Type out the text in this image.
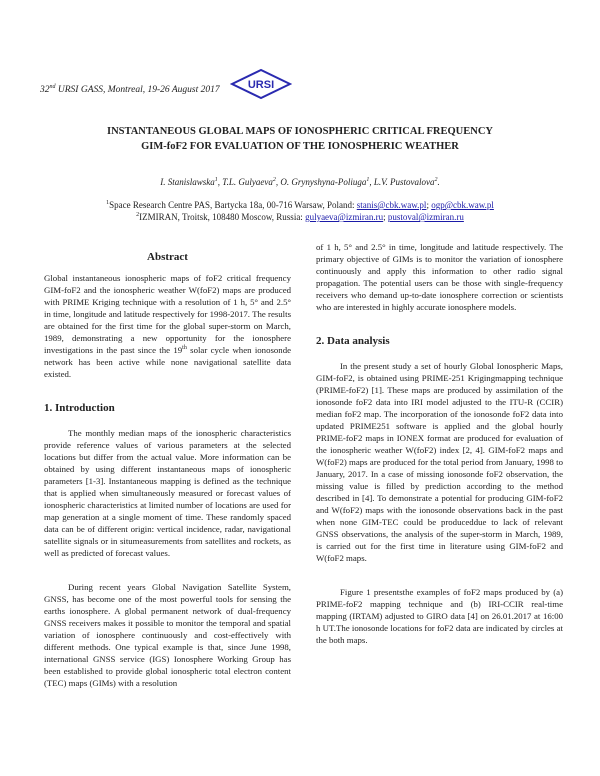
32nd URSI GASS, Montreal, 19-26 August 2017	URSI
INSTANTANEOUS GLOBAL MAPS OF IONOSPHERIC CRITICAL FREQUENCY
GIM-foF2 FOR EVALUATION OF THE IONOSPHERIC WEATHER
I. Stanislawska$^1$, T.L. Gulyaeva$^2$, O. Grynyshyna-Poliuga$^1$, L.V. Pustovalova$^2$.
$^1$Space Research Centre PAS, Bartycka 18a, 00-716 Warsaw, Poland: stanis@cbk.waw.pl; ogp@cbk.waw.pl
$^2$IZMIRAN, Troitsk, 108480 Moscow, Russia: gulyaeva@izmiran.ru; pustoval@izmiran.ru
Abstract

Global instantaneous ionospheric maps of foF2 critical frequency GIM-foF2 and the ionospheric weather W(foF2) maps are produced with PRIME Kriging technique with a resolution of 1 h, 5° and 2.5° in time, longitude and latitude respectively for 1998-2017. The results are obtained for the first time for the global super-storm on March, 1989, demonstrating a new opportunity for the ionosphere investigations in the past since the 19th solar cycle when ionosonde network has been active while none navigational satellite data existed.

1. Introduction

The monthly median maps of the ionospheric characteristics provide reference values of various parameters at the selected locations but differ from the actual value. More information can be obtained by using different instantaneous maps of ionospheric parameters [1-3]. Instantaneous mapping is defined as the technique that is applied when simultaneously measured or forecast values of ionospheric characteristics at limited number of locations are used for map generation at a single moment of time. These randomly spaced data can be of different origin: vertical incidence, radar, navigational satellite signals or in situmeasurements from satellites and rockets, as well as predicted of forecast values.

During recent years Global Navigation Satellite System, GNSS, has become one of the most powerful tools for sensing the earths ionosphere. A global permanent network of dual-frequency GNSS receivers makes it possible to monitor the temporal and spatial variation of ionosphere continuously and cost-effectively with different methods. One typical example is that, since June 1998, international GNSS service (IGS) Ionosphere Working Group has been established to provide global ionospheric total electron content (TEC) maps (GIMs) with a resolution

of 1 h, 5° and 2.5° in time, longitude and latitude respectively. The primary objective of GIMs is to monitor the variation of ionosphere continuously and apply this information to other radio signal propagation. The potential users can be those with single-frequency receivers who demand up-to-date ionosphere correction or scientists who are interested in highly accurate ionosphere models.

2. Data analysis

In the present study a set of hourly Global Ionospheric Maps, GIM-foF2, is obtained using PRIME-251 Krigingmapping technique (PRIME-foF2) [1]. These maps are produced by assimilation of the ionosonde foF2 data into IRI model adjusted to the ITU-R (CCIR) median foF2 map. The incorporation of the ionosonde foF2 data into updated PRIME251 software is applied and the global hourly PRIME-foF2 maps in IONEX format are produced for evaluation of the ionospheric weather W(foF2) index [2, 4]. GIM-foF2 maps and W(foF2) maps are produced for the total period from January, 1998 to January, 2017. In a case of missing ionosonde foF2 observation, the missing value is filled by prediction according to the method described in [4]. To demonstrate a potential for producing GIM-foF2 and W(foF2) maps with the ionosonde observations back in the past when none GIM-TEC could be produceddue to lack of relevant GNSS observations, the analysis of the super-storm in March, 1989, is carried out for the first time in literature using GIM-foF2 and W(foF2 maps.

Figure 1 presentsthe examples of foF2 maps produced by (a) PRIME-foF2 mapping technique and (b) IRI-CCIR real-time mapping (IRTAM) adjusted to GIRO data [4] on 26.01.2017 at 16:00 h UT.The ionosonde locations for foF2 data are indicated by circles at the both maps.
